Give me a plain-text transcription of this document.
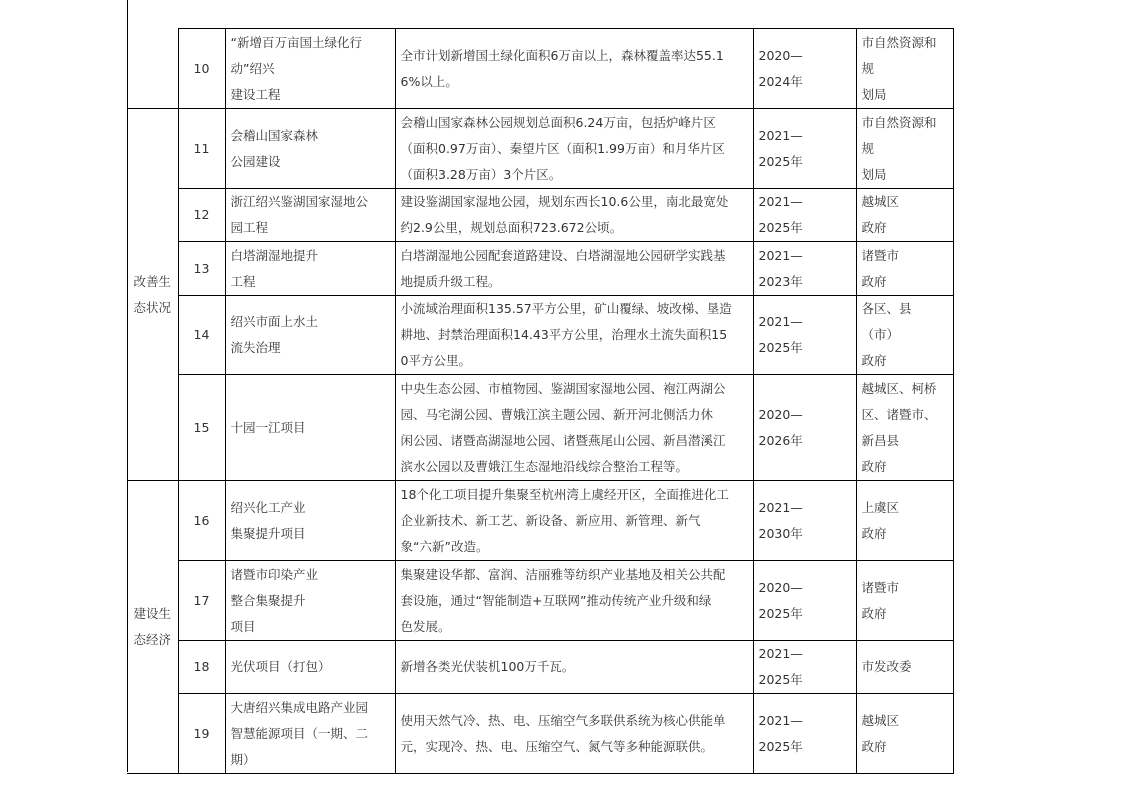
	10	“新增百万亩国土绿化行
动”绍兴
建设工程	全市计划新增国土绿化面积6万亩以上，森林覆盖率达55.1
6%以上。	2020—
2024年	市自然资源和
规
划局
改善生
态状况	11	会稽山国家森林
公园建设	会稽山国家森林公园规划总面积6.24万亩，包括炉峰片区
（面积0.97万亩）、秦望片区（面积1.99万亩）和月华片区
（面积3.28万亩）3个片区。	2021—
2025年	市自然资源和
规
划局
	12	浙江绍兴鉴湖国家湿地公
园工程	建设鉴湖国家湿地公园，规划东西长10.6公里，南北最宽处
约2.9公里，规划总面积723.672公顷。	2021—
2025年	越城区
政府
	13	白塔湖湿地提升
工程	白塔湖湿地公园配套道路建设、白塔湖湿地公园研学实践基
地提质升级工程。	2021—
2023年	诸暨市
政府
	14	绍兴市面上水土
流失治理	小流域治理面积135.57平方公里，矿山覆绿、坡改梯、垦造
耕地、封禁治理面积14.43平方公里，治理水土流失面积15
0平方公里。	2021—
2025年	各区、县
（市）
政府
	15	十园一江项目	中央生态公园、市植物园、鉴湖国家湿地公园、袍江两湖公
园、马宅湖公园、曹娥江滨主题公园、新开河北侧活力休
闲公园、诸暨高湖湿地公园、诸暨燕尾山公园、新昌潜溪江
滨水公园以及曹娥江生态湿地沿线综合整治工程等。	2020—
2026年	越城区、柯桥
区、诸暨市、
新昌县
政府
建设生
态经济	16	绍兴化工产业
集聚提升项目	18个化工项目提升集聚至杭州湾上虞经开区，全面推进化工
企业新技术、新工艺、新设备、新应用、新管理、新气
象“六新”改造。	2021—
2030年	上虞区
政府
	17	诸暨市印染产业
整合集聚提升
项目	集聚建设华都、富润、洁丽雅等纺织产业基地及相关公共配
套设施，通过“智能制造+互联网”推动传统产业升级和绿
色发展。	2020—
2025年	诸暨市
政府
	18	光伏项目（打包）	新增各类光伏装机100万千瓦。	2021—
2025年	市发改委
	19	大唐绍兴集成电路产业园
智慧能源项目（一期、二
期）	使用天然气冷、热、电、压缩空气多联供系统为核心供能单
元，实现冷、热、电、压缩空气、氮气等多种能源联供。	2021—
2025年	越城区
政府
